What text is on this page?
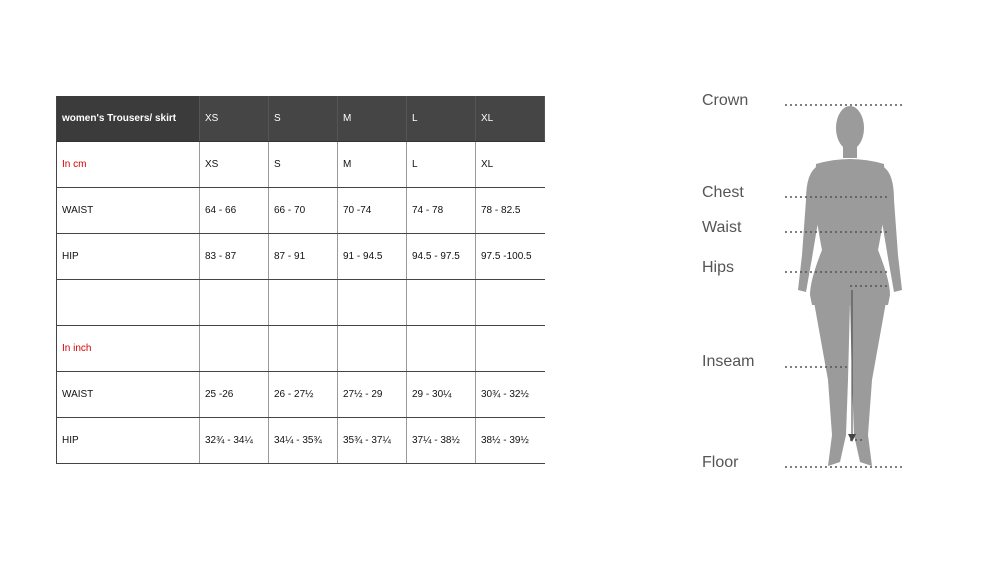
women's Trousers/ skirt	XS	S	M	L	XL
In cm	XS	S	M	L	XL
WAIST	64 - 66	66 - 70	70 -74	74 - 78	78 - 82.5
HIP	83 - 87	87 - 91	91 - 94.5	94.5 - 97.5	97.5 -100.5

In inch					
WAIST	25 -26	26 - 27½	27½ - 29	29 - 30¼	30¾ - 32½
HIP	32¾ - 34¼	34¼ - 35¾	35¾ - 37¼	37¼ - 38½	38½ - 39½
Crown
Chest
Waist
Hips
Inseam
Floor
